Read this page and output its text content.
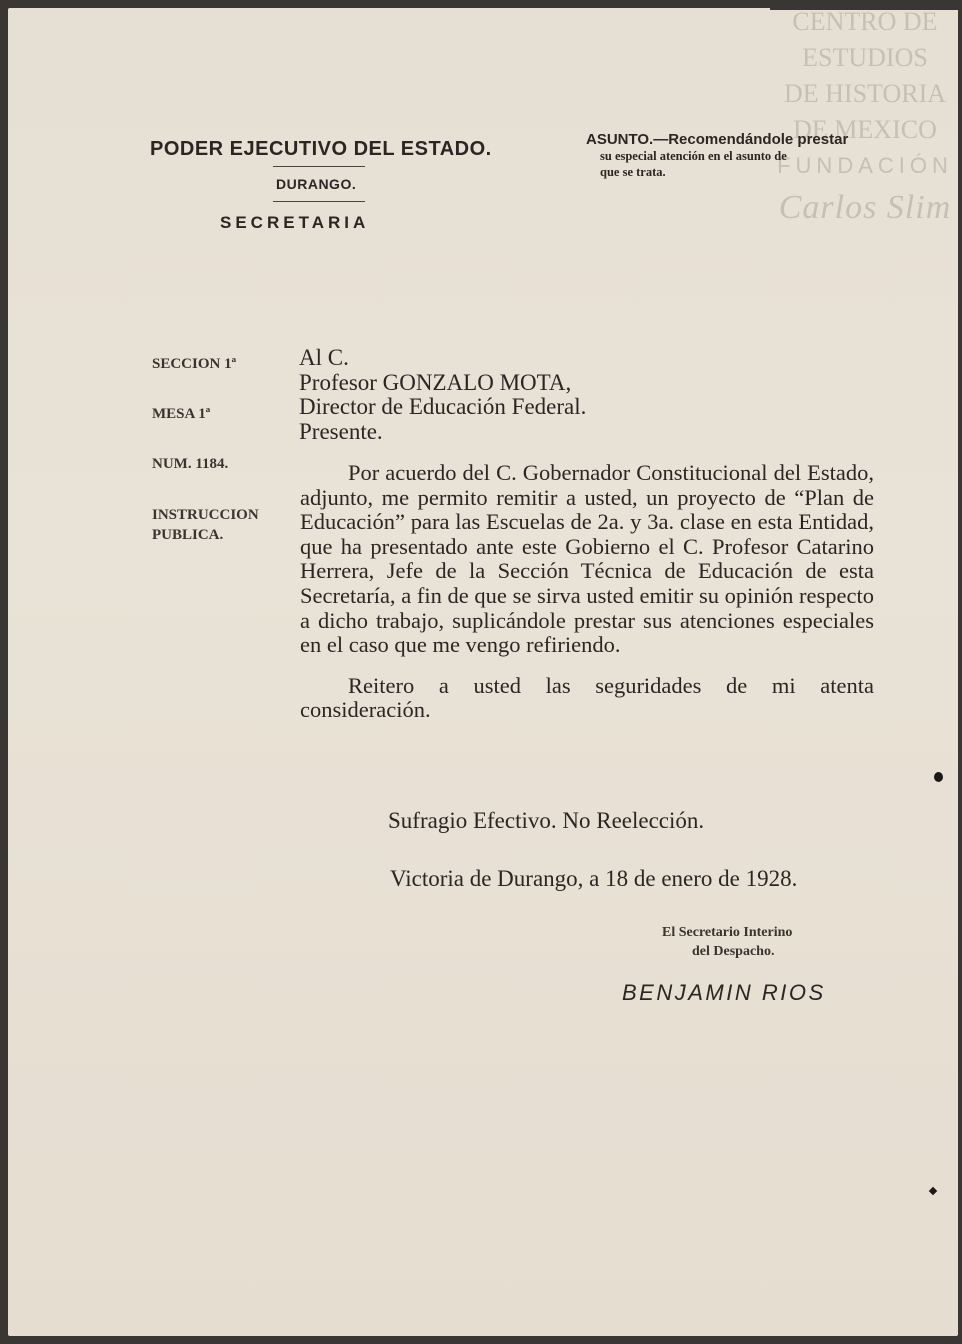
CENTRO DE
ESTUDIOS
DE HISTORIA
DE MEXICO
FUNDACIÓN
Carlos Slim
PODER EJECUTIVO DEL ESTADO.
DURANGO.
SECRETARIA
ASUNTO.—Recomendándole prestar
su especial atención en el asunto de
que se trata.
SECCION 1ª
MESA 1ª
NUM. 1184.
INSTRUCCION
PUBLICA.
Al C.
Profesor GONZALO MOTA,
Director de Educación Federal.
Presente.

Por acuerdo del C. Gobernador Constitucional del Estado, adjunto, me permito remitir a usted, un proyecto de “Plan de Educación” para las Escuelas de 2a. y 3a. clase en esta Entidad, que ha presentado ante este Gobierno el C. Profesor Catarino Herrera, Jefe de la Sección Técnica de Educación de esta Secretaría, a fin de que se sirva usted emitir su opinión respecto a dicho trabajo, suplicándole prestar sus atenciones especiales en el caso que me vengo refiriendo.

Reitero a usted las seguridades de mi atenta consideración.

Sufragio Efectivo. No Reelección.
Victoria de Durango, a 18 de enero de 1928.
El Secretario Interino
del Despacho.
BENJAMIN RIOS
